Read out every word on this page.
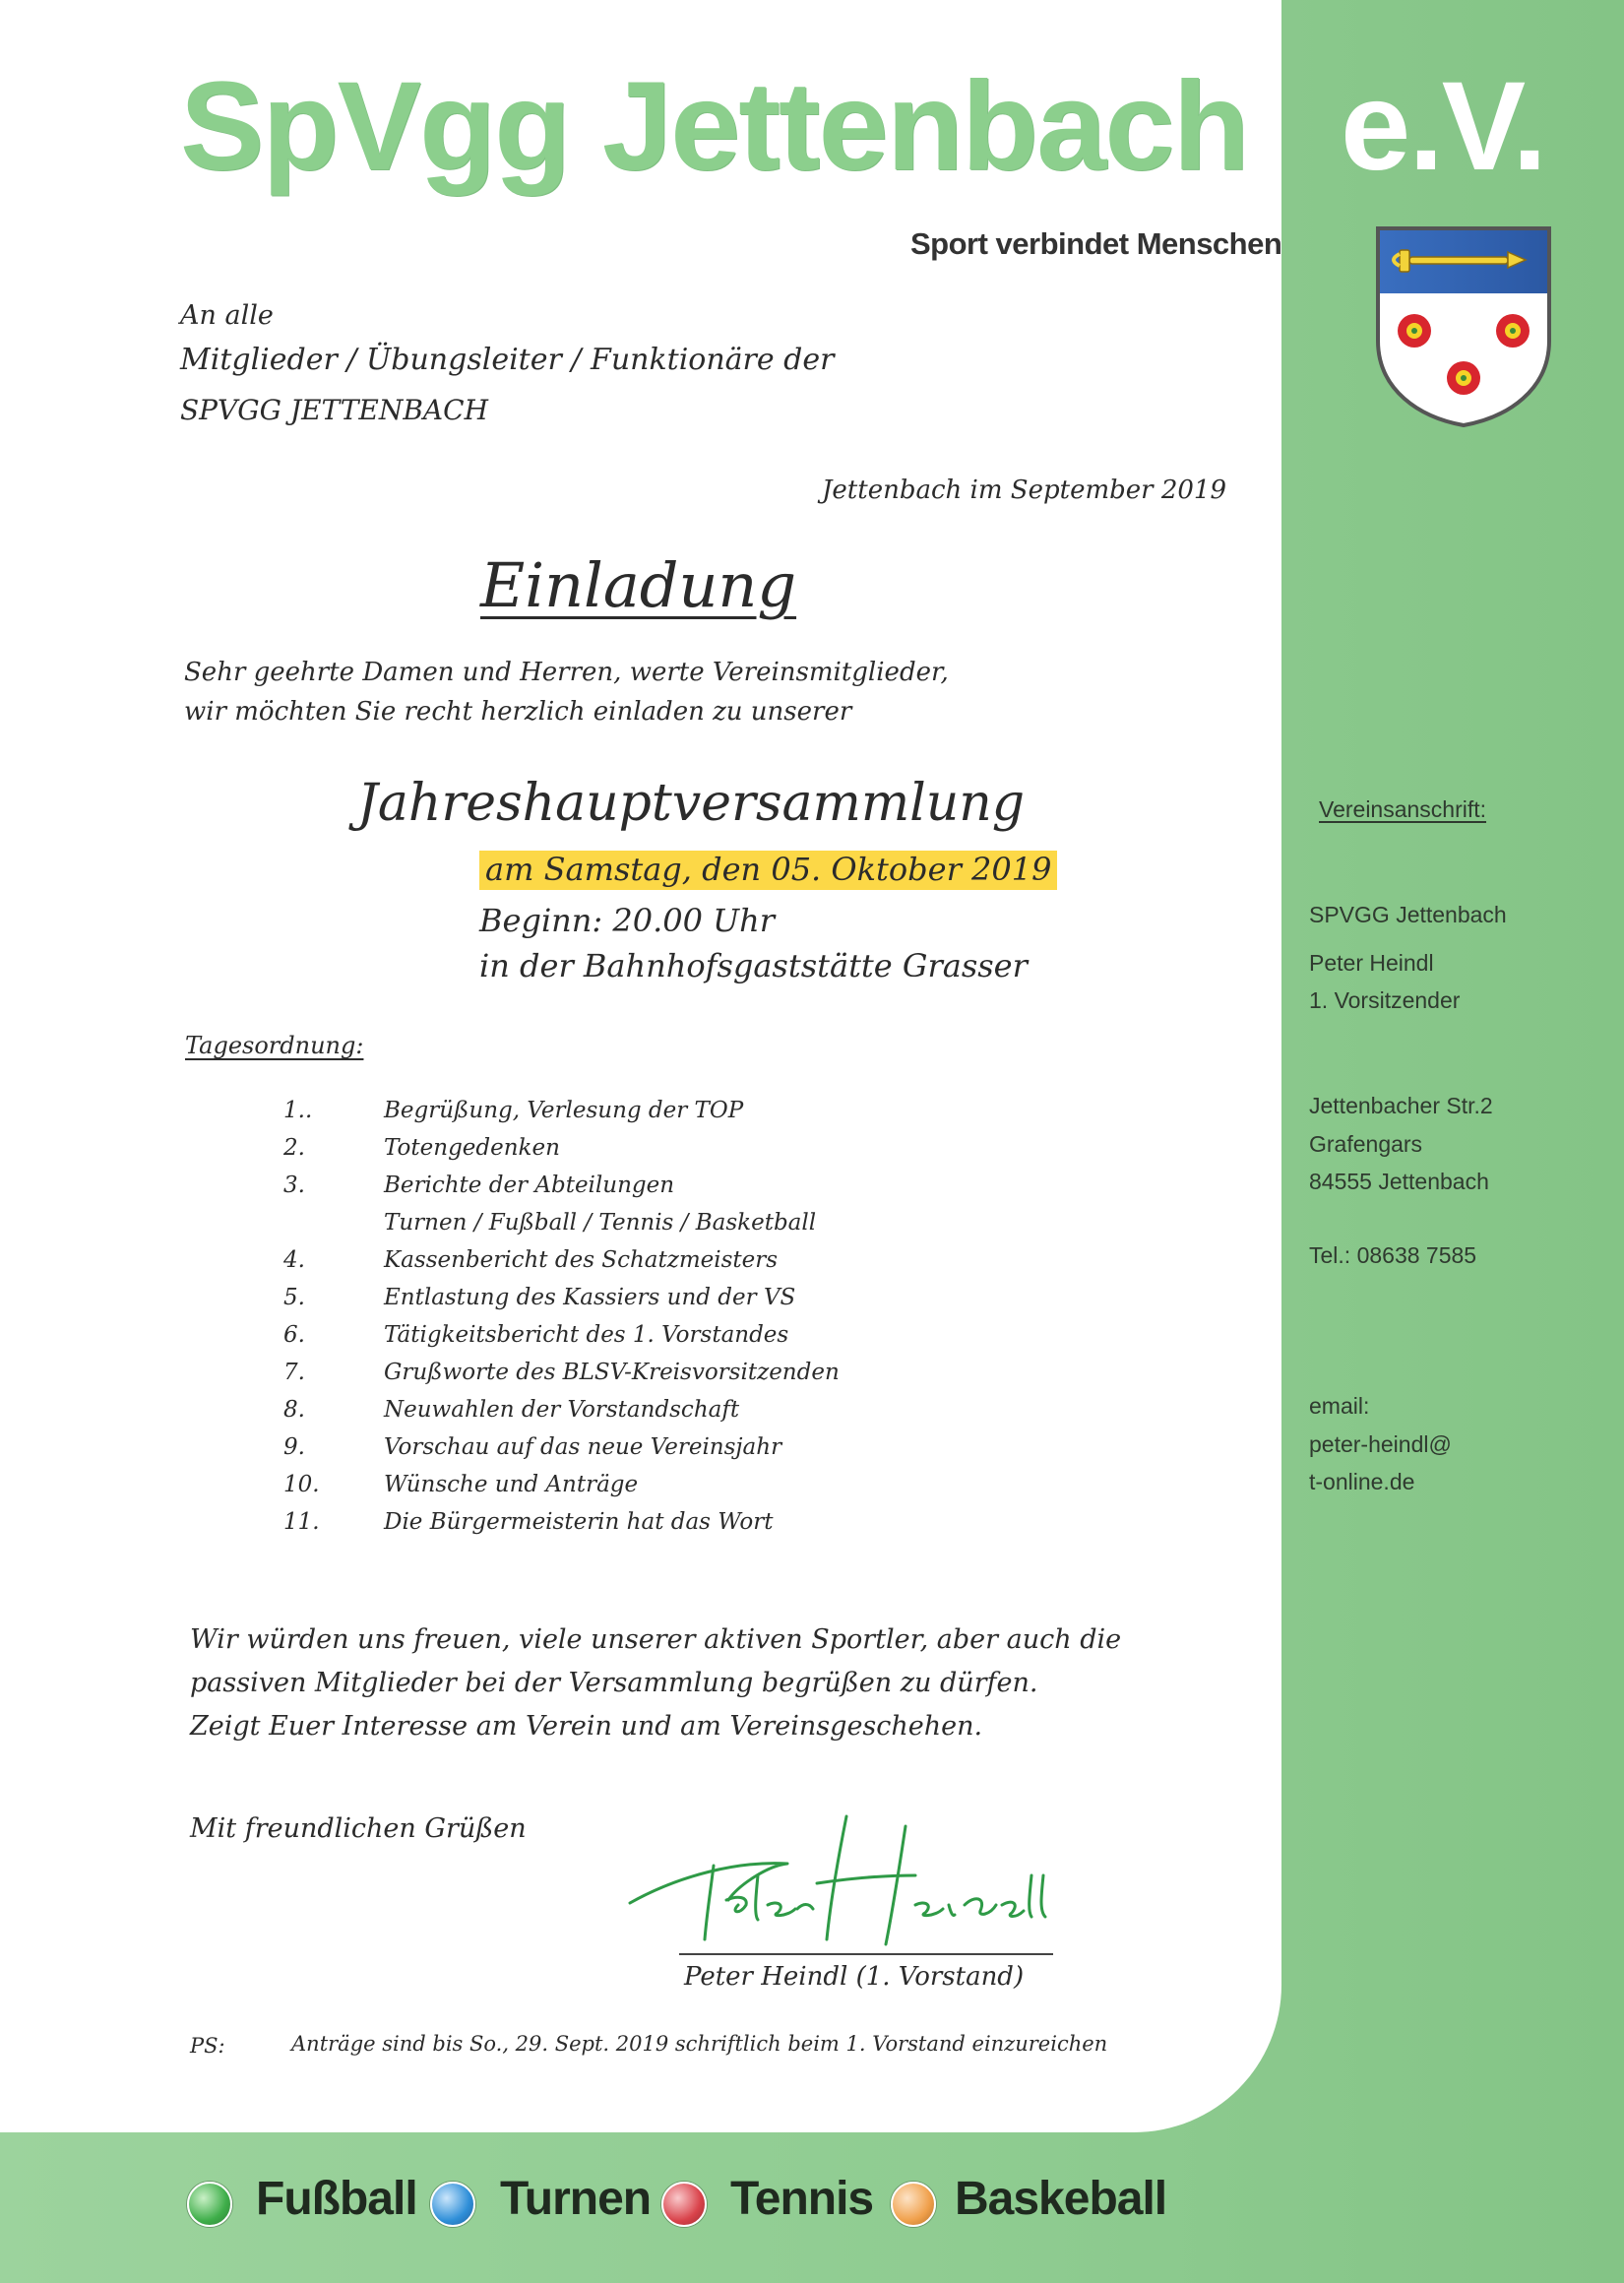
SpVgg Jettenbach e.V.
Sport verbindet Menschen
An alle
Mitglieder / Übungsleiter / Funktionäre der
SPVGG JETTENBACH
Jettenbach im September 2019
Einladung
Sehr geehrte Damen und Herren, werte Vereinsmitglieder,
wir möchten Sie recht herzlich einladen zu unserer
Jahreshauptversammlung
am Samstag, den 05. Oktober 2019
Beginn: 20.00 Uhr
in der Bahnhofsgaststätte Grasser
Tagesordnung:
1..	Begrüßung, Verlesung der TOP
2.	Totengedenken
3.	Berichte der Abteilungen
Turnen / Fußball / Tennis / Basketball
4.	Kassenbericht des Schatzmeisters
5.	Entlastung des Kassiers und der VS
6.	Tätigkeitsbericht des 1. Vorstandes
7.	Grußworte des BLSV-Kreisvorsitzenden
8.	Neuwahlen der Vorstandschaft
9.	Vorschau auf das neue Vereinsjahr
10.	Wünsche und Anträge
11.	Die Bürgermeisterin hat das Wort
Wir würden uns freuen, viele unserer aktiven Sportler, aber auch die
passiven Mitglieder bei der Versammlung begrüßen zu dürfen.
Zeigt Euer Interesse am Verein und am Vereinsgeschehen.
Mit freundlichen Grüßen
Peter Heindl (1. Vorstand)
PS:	Anträge sind bis So., 29. Sept. 2019 schriftlich beim 1. Vorstand einzureichen
Vereinsanschrift:
SPVGG Jettenbach
Peter Heindl
1. Vorsitzender
Jettenbacher Str.2
Grafengars
84555 Jettenbach
Tel.: 08638 7585
email:
peter-heindl@
t-online.de
Fußball Turnen Tennis Baskeball
